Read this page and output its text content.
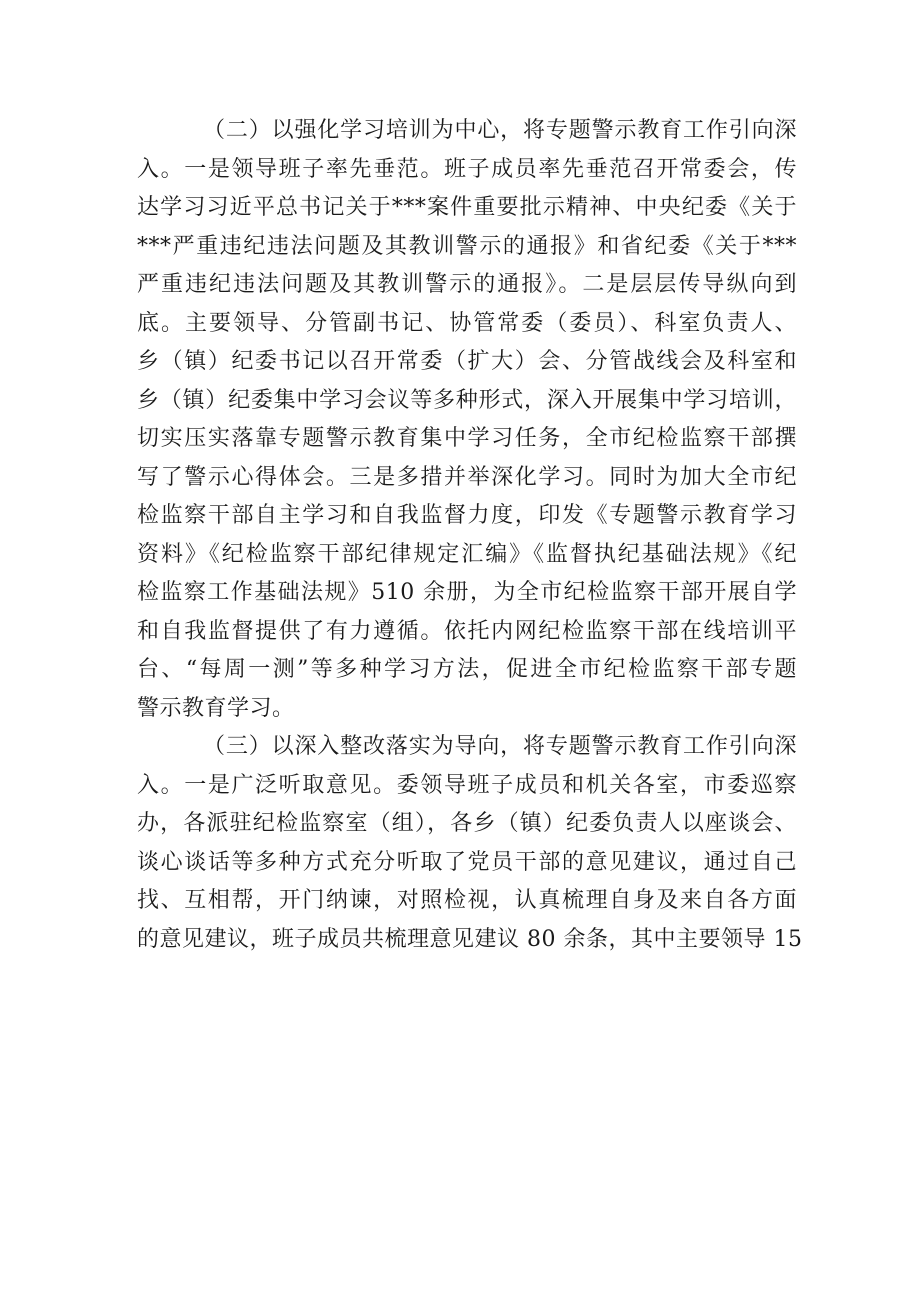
（二）以强化学习培训为中心，将专题警示教育工作引向深
入。一是领导班子率先垂范。班子成员率先垂范召开常委会，传
达学习习近平总书记关于***案件重要批示精神、中央纪委《关于
***严重违纪违法问题及其教训警示的通报》和省纪委《关于***
严重违纪违法问题及其教训警示的通报》。二是层层传导纵向到
底。主要领导、分管副书记、协管常委（委员）、科室负责人、
乡（镇）纪委书记以召开常委（扩大）会、分管战线会及科室和
乡（镇）纪委集中学习会议等多种形式，深入开展集中学习培训，
切实压实落靠专题警示教育集中学习任务，全市纪检监察干部撰
写了警示心得体会。三是多措并举深化学习。同时为加大全市纪
检监察干部自主学习和自我监督力度，印发《专题警示教育学习
资料》《纪检监察干部纪律规定汇编》《监督执纪基础法规》《纪
检监察工作基础法规》510 余册，为全市纪检监察干部开展自学
和自我监督提供了有力遵循。依托内网纪检监察干部在线培训平
台、“每周一测”等多种学习方法，促进全市纪检监察干部专题
警示教育学习。
（三）以深入整改落实为导向，将专题警示教育工作引向深
入。一是广泛听取意见。委领导班子成员和机关各室，市委巡察
办，各派驻纪检监察室（组），各乡（镇）纪委负责人以座谈会、
谈心谈话等多种方式充分听取了党员干部的意见建议，通过自己
找、互相帮，开门纳谏，对照检视，认真梳理自身及来自各方面
的意见建议，班子成员共梳理意见建议 80 余条，其中主要领导 15
